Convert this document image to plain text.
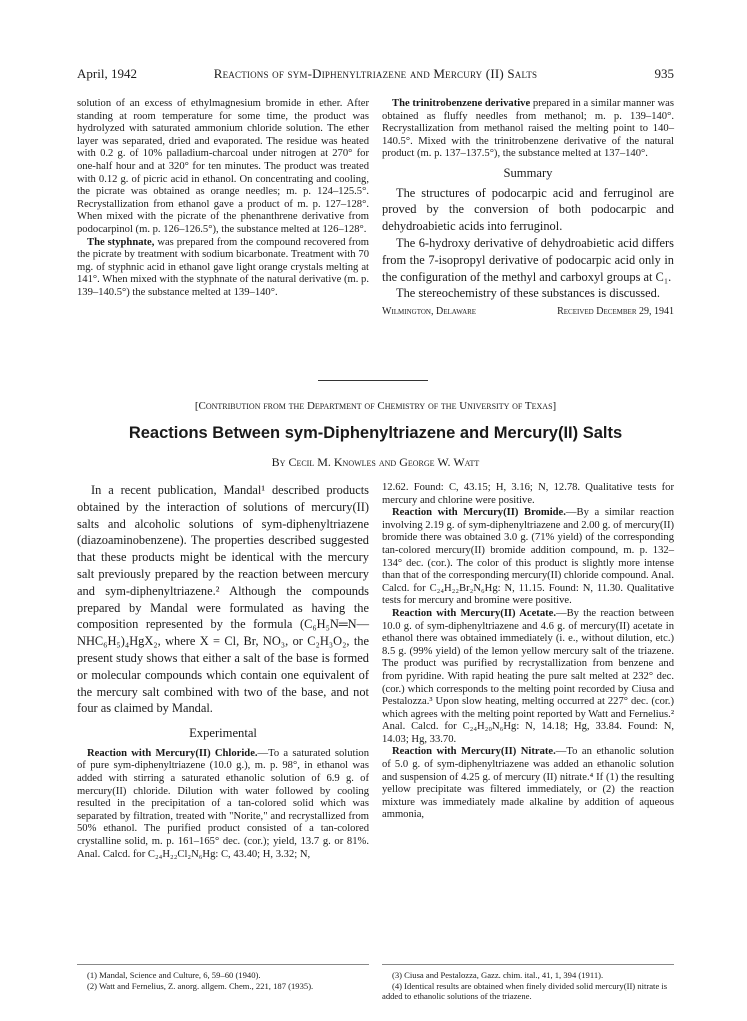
April, 1942	Reactions of sym-Diphenyltriazene and Mercury (II) Salts	935

solution of an excess of ethylmagnesium bromide in ether. After standing at room temperature for some time, the product was hydrolyzed with saturated ammonium chloride solution. The ether layer was separated, dried and evaporated. The residue was heated with 0.2 g. of 10% palladium-charcoal under nitrogen at 270° for one-half hour and at 320° for ten minutes. The product was treated with 0.12 g. of picric acid in ethanol. On concentrating and cooling, the picrate was obtained as orange needles; m. p. 124–125.5°. Recrystallization from ethanol gave a product of m. p. 127–128°. When mixed with the picrate of the phenanthrene derivative from podocarpinol (m. p. 126–126.5°), the substance melted at 126–128°.

The styphnate, was prepared from the compound recovered from the picrate by treatment with sodium bicarbonate. Treatment with 70 mg. of styphnic acid in ethanol gave light orange crystals melting at 141°. When mixed with the styphnate of the natural derivative (m. p. 139–140.5°) the substance melted at 139–140°.

The trinitrobenzene derivative prepared in a similar manner was obtained as fluffy needles from methanol; m. p. 139–140°. Recrystallization from methanol raised the melting point to 140–140.5°. Mixed with the trinitrobenzene derivative of the natural product (m. p. 137–137.5°), the substance melted at 137–140°.

Summary

The structures of podocarpic acid and ferruginol are proved by the conversion of both podocarpic and dehydroabietic acids into ferruginol.

The 6-hydroxy derivative of dehydroabietic acid differs from the 7-isopropyl derivative of podocarpic acid only in the configuration of the methyl and carboxyl groups at C₁.

The stereochemistry of these substances is discussed.

Wilmington, Delaware	Received December 29, 1941
[Contribution from the Department of Chemistry of the University of Texas]
Reactions Between sym-Diphenyltriazene and Mercury(II) Salts
By Cecil M. Knowles and George W. Watt

In a recent publication, Mandal¹ described products obtained by the interaction of solutions of mercury(II) salts and alcoholic solutions of sym-diphenyltriazene (diazoaminobenzene). The properties described suggested that these products might be identical with the mercury salt previously prepared by the reaction between mercury and sym-diphenyltriazene.² Although the compounds prepared by Mandal were formulated as having the composition represented by the formula (C₆H₅N═N—NHC₆H₅)₄HgX₂, where X = Cl, Br, NO₃, or C₂H₃O₂, the present study shows that either a salt of the base is formed or molecular compounds which contain one equivalent of the mercury salt combined with two of the base, and not four as claimed by Mandal.

Experimental

Reaction with Mercury(II) Chloride.—To a saturated solution of pure sym-diphenyltriazene (10.0 g.), m. p. 98°, in ethanol was added with stirring a saturated ethanolic solution of 6.9 g. of mercury(II) chloride. Dilution with water followed by cooling resulted in the precipitation of a tan-colored solid which was separated by filtration, treated with "Norite," and recrystallized from 50% ethanol. The purified product consisted of a tan-colored crystalline solid, m. p. 161–165° dec. (cor.); yield, 13.7 g. or 81%. Anal. Calcd. for C₂₄H₂₂Cl₂N₆Hg: C, 43.40; H, 3.32; N,

(1) Mandal, Science and Culture, 6, 59–60 (1940).

(2) Watt and Fernelius, Z. anorg. allgem. Chem., 221, 187 (1935).

12.62. Found: C, 43.15; H, 3.16; N, 12.78. Qualitative tests for mercury and chlorine were positive.

Reaction with Mercury(II) Bromide.—By a similar reaction involving 2.19 g. of sym-diphenyltriazene and 2.00 g. of mercury(II) bromide there was obtained 3.0 g. (71% yield) of the corresponding tan-colored mercury(II) bromide addition compound, m. p. 132–134° dec. (cor.). The color of this product is slightly more intense than that of the corresponding mercury(II) chloride compound. Anal. Calcd. for C₂₄H₂₂Br₂N₆Hg: N, 11.15. Found: N, 11.30. Qualitative tests for mercury and bromine were positive.

Reaction with Mercury(II) Acetate.—By the reaction between 10.0 g. of sym-diphenyltriazene and 4.6 g. of mercury(II) acetate in ethanol there was obtained immediately (i. e., without dilution, etc.) 8.5 g. (99% yield) of the lemon yellow mercury salt of the triazene. The product was purified by recrystallization from benzene and from pyridine. With rapid heating the pure salt melted at 232° dec. (cor.) which corresponds to the melting point recorded by Ciusa and Pestalozza.³ Upon slow heating, melting occurred at 227° dec. (cor.) which agrees with the melting point reported by Watt and Fernelius.² Anal. Calcd. for C₂₄H₂₀N₆Hg: N, 14.18; Hg, 33.84. Found: N, 14.03; Hg, 33.70.

Reaction with Mercury(II) Nitrate.—To an ethanolic solution of 5.0 g. of sym-diphenyltriazene was added an ethanolic solution and suspension of 4.25 g. of mercury (II) nitrate.⁴ If (1) the resulting yellow precipitate was filtered immediately, or (2) the reaction mixture was immediately made alkaline by addition of aqueous ammonia,

(3) Ciusa and Pestalozza, Gazz. chim. ital., 41, 1, 394 (1911).

(4) Identical results are obtained when finely divided solid mercury(II) nitrate is added to ethanolic solutions of the triazene.
